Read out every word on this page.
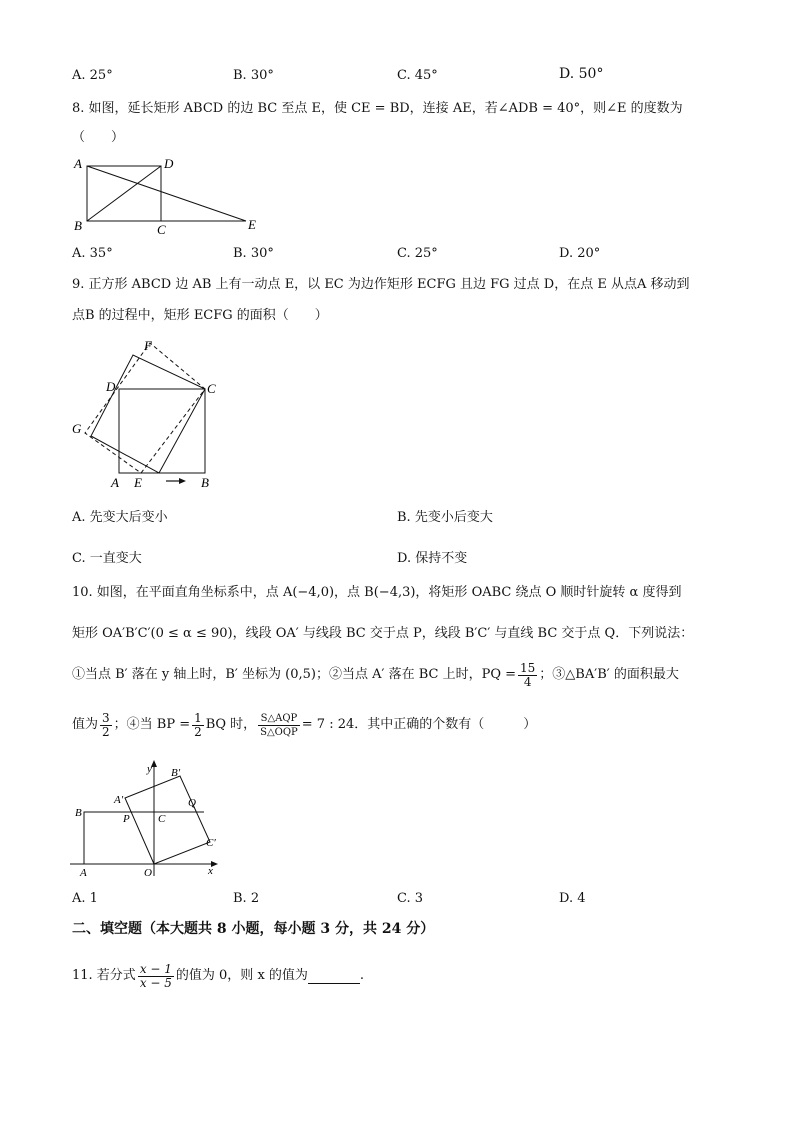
A. 25°	B. 30°	C. 45°	D. 50°
8. 如图，延长矩形 ABCD 的边 BC 至点 E，使 CE = BD，连接 AE，若∠ADB = 40°，则∠E 的度数为
（　　）
A	D
B	C	E
A. 35°	B. 30°	C. 25°	D. 20°
9. 正方形 ABCD 边 AB 上有一动点 E，以 EC 为边作矩形 ECFG 且边 FG 过点 D，在点 E 从点A 移动到
点B 的过程中，矩形 ECFG 的面积（　　）
F
D	C
G
A E	B
A. 先变大后变小	B. 先变小后变大
C. 一直变大	D. 保持不变
10. 如图，在平面直角坐标系中，点 A(−4,0)，点 B(−4,3)，将矩形 OABC 绕点 O 顺时针旋转 α 度得到
矩形 OA′B′C′(0 ≤ α ≤ 90)，线段 OA′ 与线段 BC 交于点 P，线段 B′C′ 与直线 BC 交于点 Q．下列说法：
①当点 B′ 落在 y 轴上时，B′ 坐标为 (0,5)；②当点 A′ 落在 BC 上时，PQ = $\frac{15}{4}$ ；③△BA′B′ 的面积最大
值为 $\frac{3}{2}$ ；④当 BP = $\frac{1}{2}$ BQ 时， $\frac{\text{S△AQP}}{\text{S△OQP}} = 7$ : 24．其中正确的个数有（　　　）
y
x
O
A
B	C
P
Q
A′
B′
C′
A. 1	B. 2	C. 3	D. 4
二、填空题（本大题共 8 小题，每小题 3 分，共 24 分）
11. 若分式 $\frac{x - 1}{x - 5}$ 的值为 0，则 x 的值为	.
